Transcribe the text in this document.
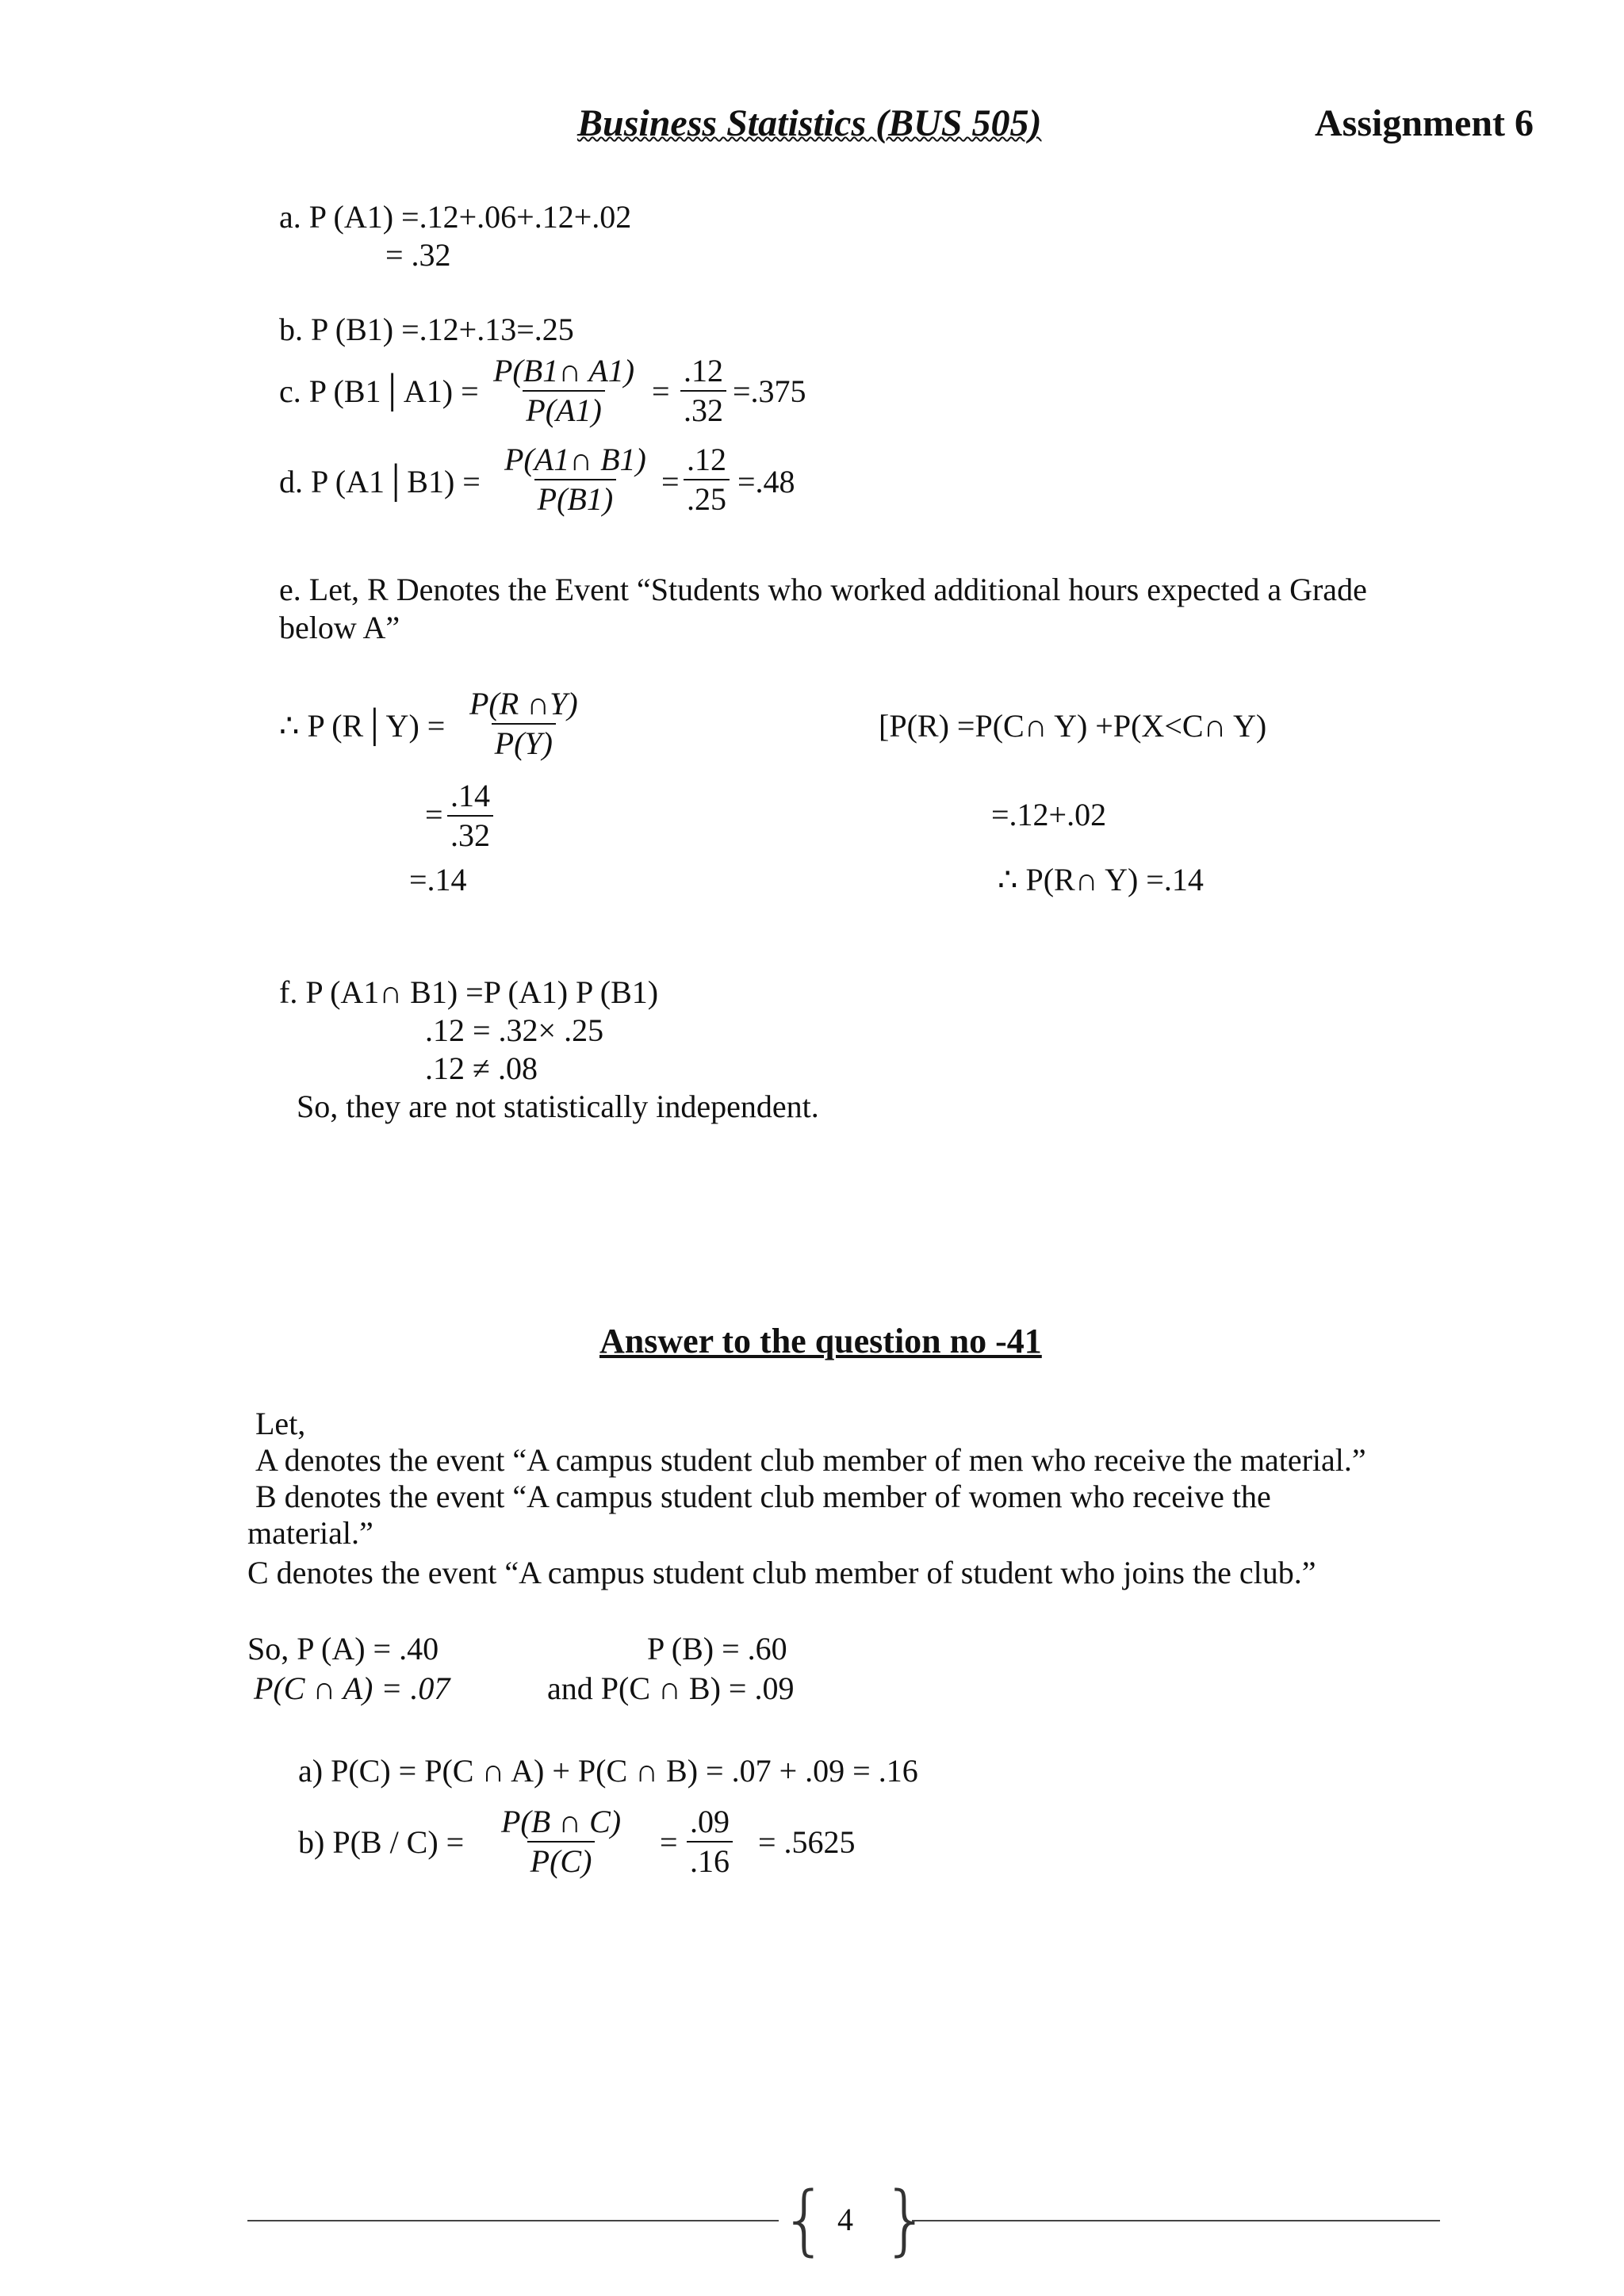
Business Statistics (BUS 505)	Assignment 6
a. P (A1) =.12+.06+.12+.02
= .32
b. P (B1) =.12+.13=.25
c. P (B1│A1) = $\frac{P(B1\cap A1)}{P(A1)} = \frac{.12}{.32} =.375$
d. P (A1│B1) = $\frac{P(A1\cap B1)}{P(B1)} = \frac{.12}{.25} =.48$
e. Let, R Denotes the Event “Students who worked additional hours expected a Grade
below A”
∴ P (R│Y) = $\frac{P(R \cap Y)}{P(Y)}$
= $\frac{.14}{.32}$
=.14
[P(R) =P(C∩ Y) +P(X<C∩ Y)
=.12+.02
∴ P(R∩ Y) =.14
f. P (A1∩ B1) =P (A1) P (B1)
.12 = .32× .25
.12 ≠ .08
So, they are not statistically independent.
Answer to the question no -41
Let,
A denotes the event “A campus student club member of men who receive the material.”
B denotes the event “A campus student club member of women who receive the
material.”
C denotes the event “A campus student club member of student who joins the club.”
So, P (A) = .40	P (B) = .60
P(C ∩ A) = .07	and P(C ∩ B) = .09
a) P(C) = P(C ∩ A) + P(C ∩ B) = .07 + .09 = .16
b) $P(B / C) = \frac{P(B \cap C)}{P(C)} = \frac{.09}{.16} = .5625$
{ }
4
